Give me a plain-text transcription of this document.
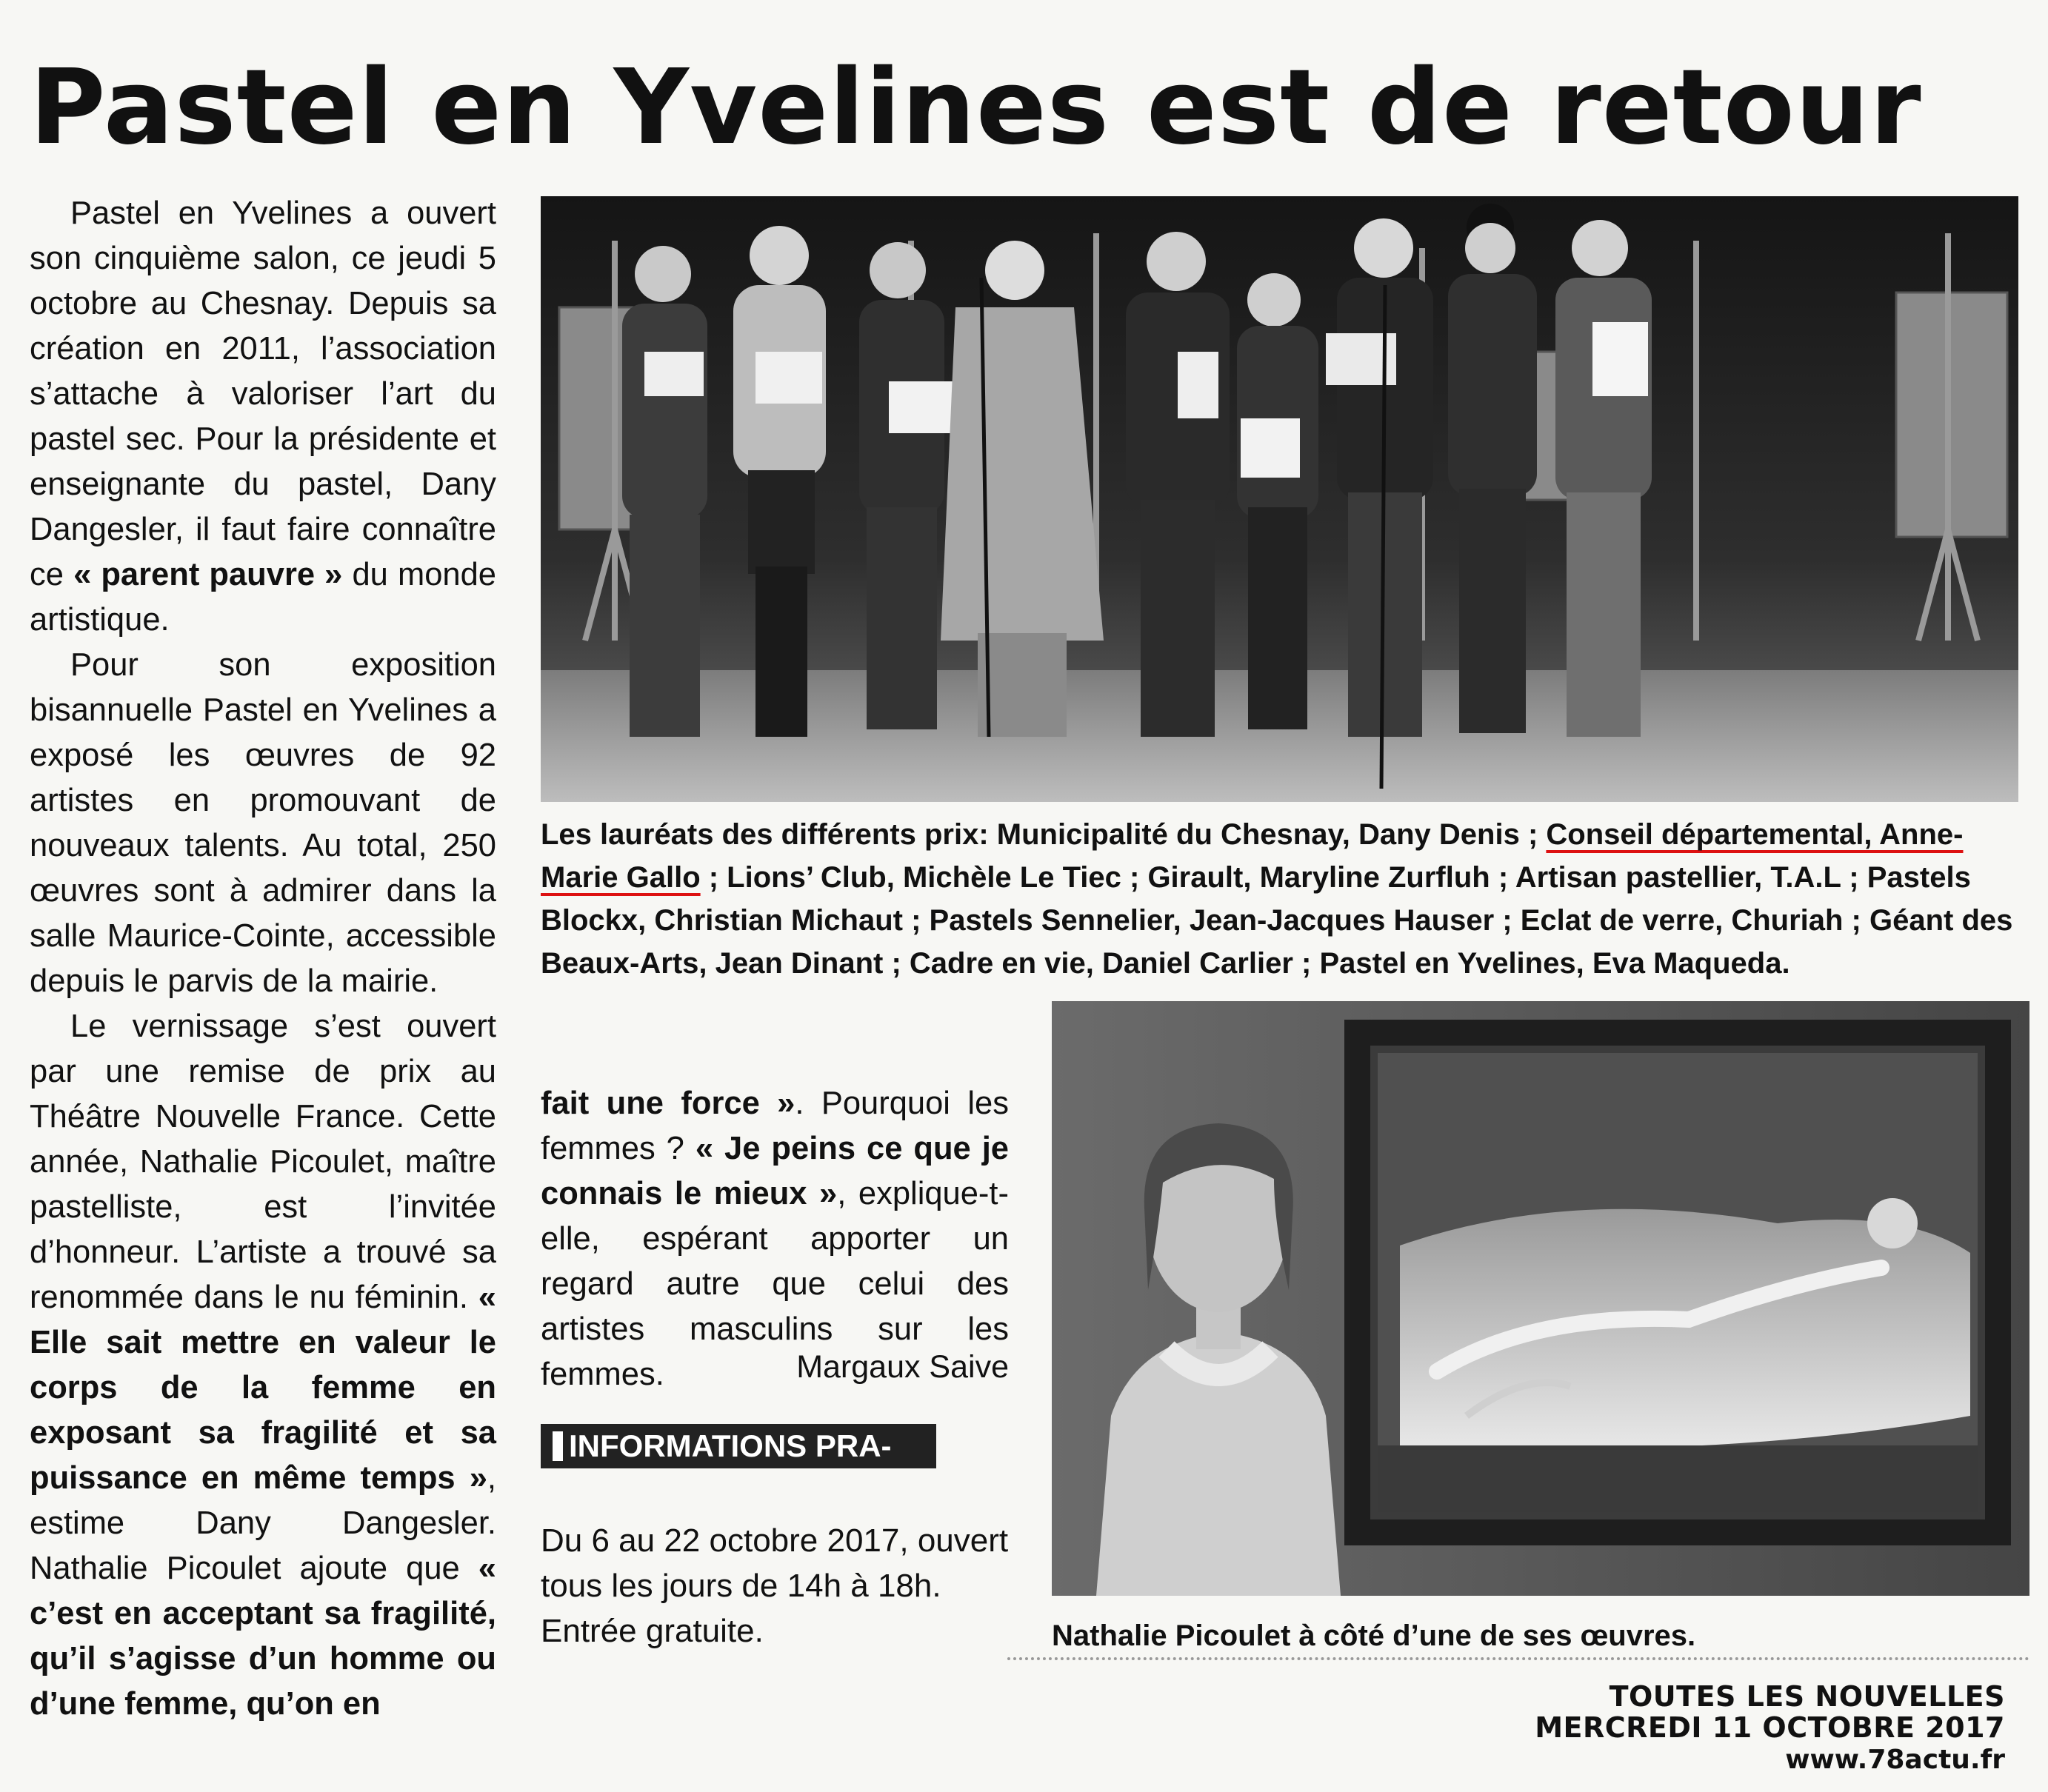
Pastel en Yvelines est de retour

Pastel en Yvelines a ouvert son cinquième salon, ce jeudi 5 octobre au Chesnay. Depuis sa création en 2011, l’association s’attache à valoriser l’art du pastel sec. Pour la présidente et enseignante du pastel, Dany Dangesler, il faut faire connaître ce « parent pauvre » du monde artistique.

Pour son exposition bisannuelle Pastel en Yvelines a exposé les œuvres de 92 artistes en promouvant de nouveaux talents. Au total, 250 œuvres sont à admirer dans la salle Maurice-Cointe, accessible depuis le parvis de la mairie.

Le vernissage s’est ouvert par une remise de prix au Théâtre Nouvelle France. Cette année, Nathalie Picoulet, maître pastelliste, est l’invitée d’honneur. L’artiste a trouvé sa renommée dans le nu féminin. « Elle sait mettre en valeur le corps de la femme en exposant sa fragilité et sa puissance en même temps », estime Dany Dangesler. Nathalie Picoulet ajoute que « c’est en acceptant sa fragilité, qu’il s’agisse d’un homme ou d’une femme, qu’on en

Les lauréats des différents prix: Municipalité du Chesnay, Dany Denis ; Conseil départemental, Anne-Marie Gallo ; Lions’ Club, Michèle Le Tiec ; Girault, Maryline Zurfluh ; Artisan pastellier, T.A.L ; Pastels Blockx, Christian Michaut ; Pastels Sennelier, Jean-Jacques Hauser ; Eclat de verre, Churiah ; Géant des Beaux-Arts, Jean Dinant ; Cadre en vie, Daniel Carlier ; Pastel en Yvelines, Eva Maqueda.

fait une force ». Pourquoi les femmes ? « Je peins ce que je connais le mieux », explique-t-elle, espérant apporter un regard autre que celui des artistes masculins sur les femmes.	Margaux Saive
INFORMATIONS PRA-

Du 6 au 22 octobre 2017, ouvert tous les jours de 14h à 18h. Entrée gratuite.	Nathalie Picoulet à côté d’une de ses œuvres.
TOUTES LES NOUVELLES
MERCREDI 11 OCTOBRE 2017
www.78actu.fr
